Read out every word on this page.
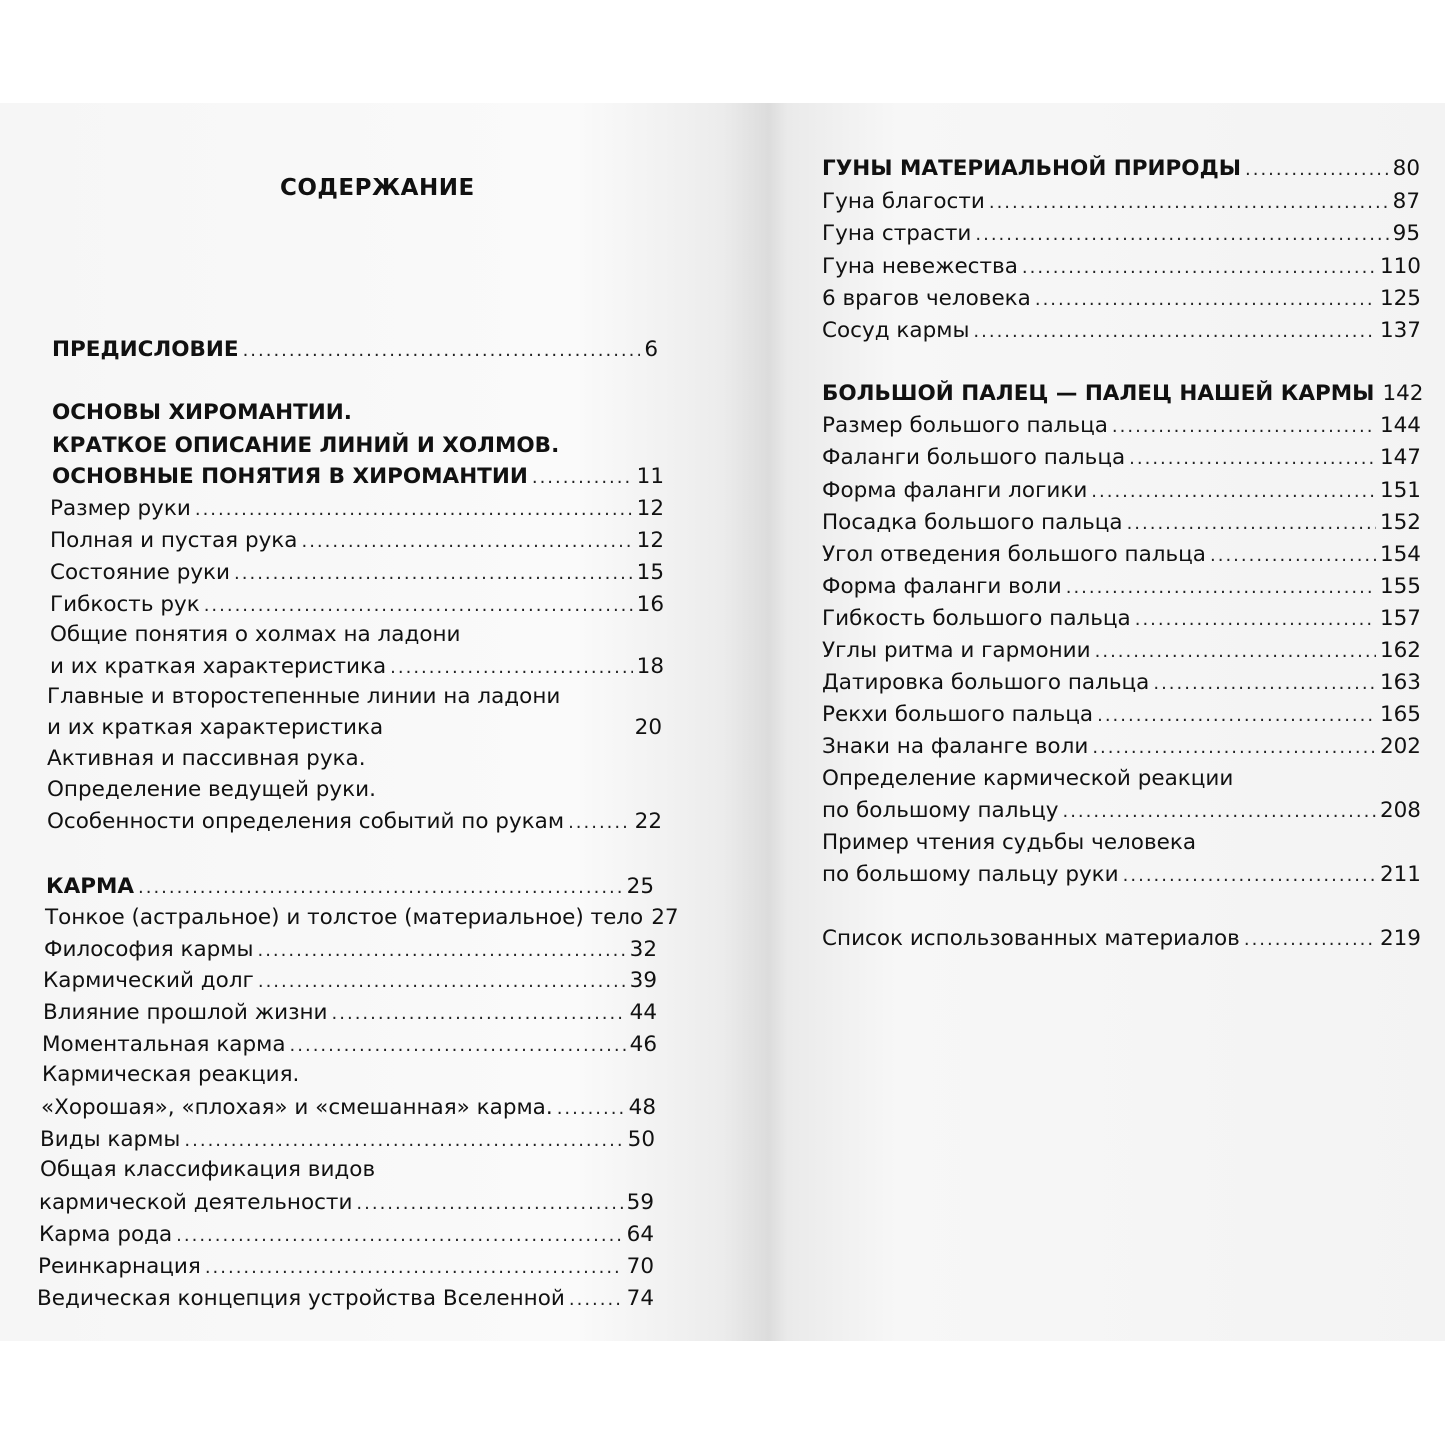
СОДЕРЖАНИЕ
ПРЕДИСЛОВИЕ .....	6
ОСНОВЫ ХИРОМАНТИИ.
КРАТКОЕ ОПИСАНИЕ ЛИНИЙ И ХОЛМОВ.
ОСНОВНЫЕ ПОНЯТИЯ В ХИРОМАНТИИ .....	11
Размер руки .....	12
Полная и пустая рука .....	12
Состояние руки .....	15
Гибкость рук .....	16
Общие понятия о холмах на ладони
и их краткая характеристика .....	18
Главные и второстепенные линии на ладони
и их краткая характеристика	20
Активная и пассивная рука.
Определение ведущей руки.
Особенности определения событий по рукам .....	22
КАРМА .....	25
Тонкое (астральное) и толстое (материальное) тело 27
Философия кармы .....	32
Кармический долг .....	39
Влияние прошлой жизни .....	44
Моментальная карма .....	46
Кармическая реакция.
«Хорошая», «плохая» и «смешанная» карма. .....	48
Виды кармы .....	50
Общая классификация видов
кармической деятельности .....	59
Карма рода .....	64
Реинкарнация .....	70
Ведическая концепция устройства Вселенной .....	74
ГУНЫ МАТЕРИАЛЬНОЙ ПРИРОДЫ .....	80
Гуна благости .....	87
Гуна страсти .....	95
Гуна невежества .....	110
6 врагов человека .....	125
Сосуд кармы .....	137
БОЛЬШОЙ ПАЛЕЦ — ПАЛЕЦ НАШЕЙ КАРМЫ 142
Размер большого пальца .....	144
Фаланги большого пальца .....	147
Форма фаланги логики .....	151
Посадка большого пальца .....	152
Угол отведения большого пальца .....	154
Форма фаланги воли .....	155
Гибкость большого пальца .....	157
Углы ритма и гармонии .....	162
Датировка большого пальца .....	163
Рекхи большого пальца .....	165
Знаки на фаланге воли .....	202
Определение кармической реакции
по большому пальцу .....	208
Пример чтения судьбы человека
по большому пальцу руки .....	211
Список использованных материалов .....	219
